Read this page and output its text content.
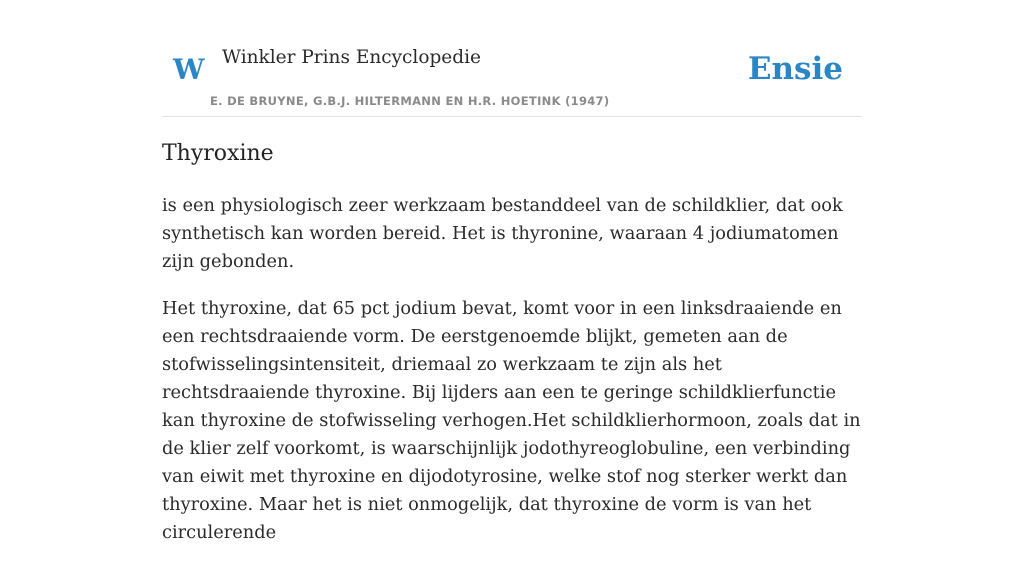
W Winkler Prins Encyclopedie
E. DE BRUYNE, G.B.J. HILTERMANN EN H.R. HOETINK (1947)
Ensie
Thyroxine

is een physiologisch zeer werkzaam bestanddeel van de schildklier, dat ook synthetisch kan worden bereid. Het is thyronine, waaraan 4 jodiumatomen zijn gebonden.

Het thyroxine, dat 65 pct jodium bevat, komt voor in een linksdraaiende en een rechtsdraaiende vorm. De eerstgenoemde blijkt, gemeten aan de stofwisselingsintensiteit, driemaal zo werkzaam te zijn als het rechtsdraaiende thyroxine. Bij lijders aan een te geringe schildklierfunctie kan thyroxine de stofwisseling verhogen.Het schildklierhormoon, zoals dat in de klier zelf voorkomt, is waarschijnlijk jodothyreoglobuline, een verbinding van eiwit met thyroxine en dijodotyrosine, welke stof nog sterker werkt dan thyroxine. Maar het is niet onmogelijk, dat thyroxine de vorm is van het circulerende
